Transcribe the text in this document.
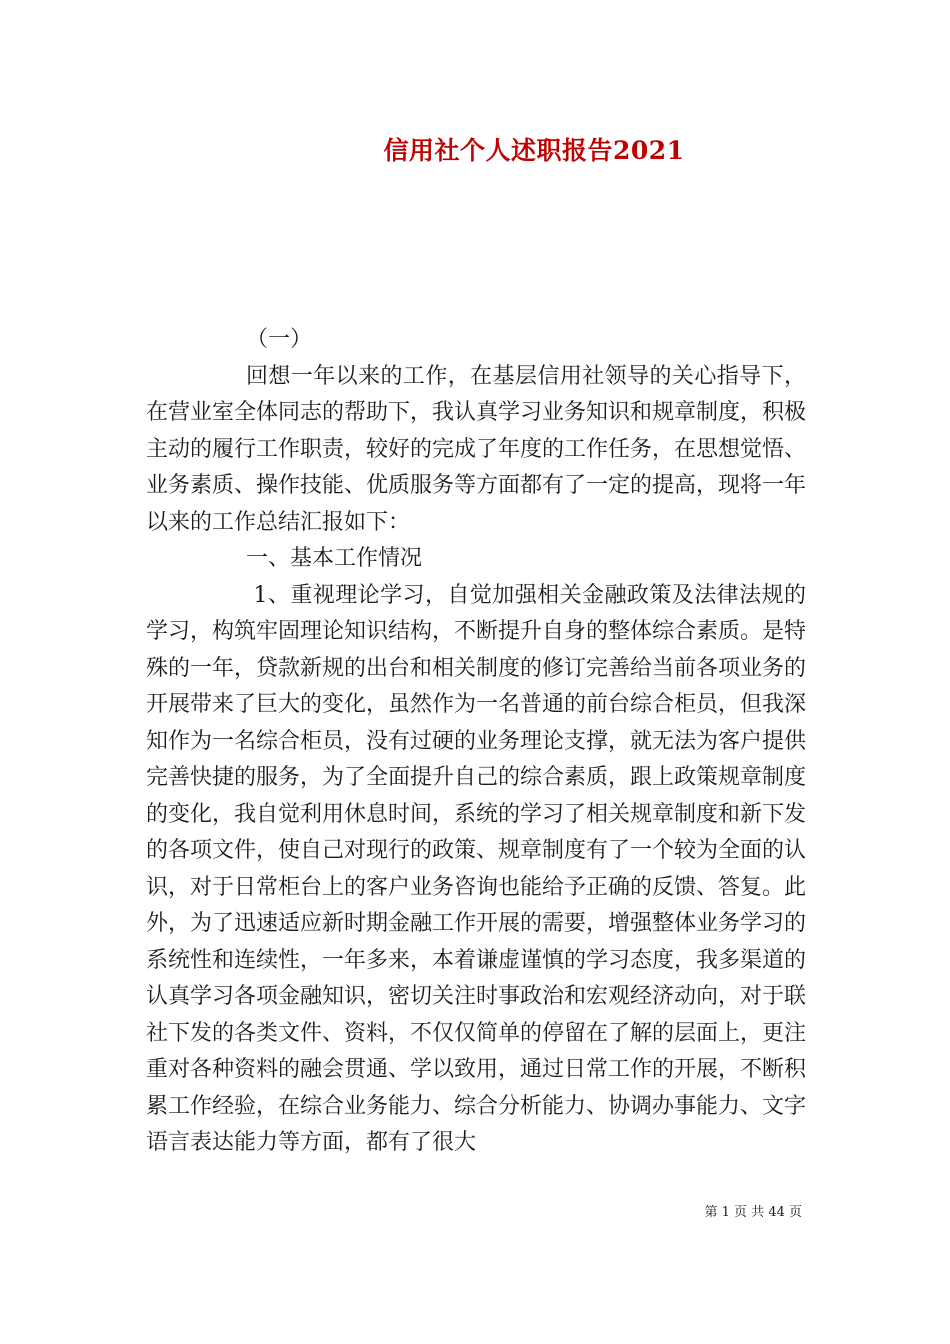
信用社个人述职报告2021

（一）

回想一年以来的工作，在基层信用社领导的关心指导下，在营业室全体同志的帮助下，我认真学习业务知识和规章制度，积极主动的履行工作职责，较好的完成了年度的工作任务，在思想觉悟、业务素质、操作技能、优质服务等方面都有了一定的提高，现将一年以来的工作总结汇报如下：

一、基本工作情况

1、重视理论学习，自觉加强相关金融政策及法律法规的学习，构筑牢固理论知识结构，不断提升自身的整体综合素质。是特殊的一年，贷款新规的出台和相关制度的修订完善给当前各项业务的开展带来了巨大的变化，虽然作为一名普通的前台综合柜员，但我深知作为一名综合柜员，没有过硬的业务理论支撑，就无法为客户提供完善快捷的服务，为了全面提升自己的综合素质，跟上政策规章制度的变化，我自觉利用休息时间，系统的学习了相关规章制度和新下发的各项文件，使自己对现行的政策、规章制度有了一个较为全面的认识，对于日常柜台上的客户业务咨询也能给予正确的反馈、答复。此外，为了迅速适应新时期金融工作开展的需要，增强整体业务学习的系统性和连续性，一年多来，本着谦虚谨慎的学习态度，我多渠道的认真学习各项金融知识，密切关注时事政治和宏观经济动向，对于联社下发的各类文件、资料，不仅仅简单的停留在了解的层面上，更注重对各种资料的融会贯通、学以致用，通过日常工作的开展，不断积累工作经验，在综合业务能力、综合分析能力、协调办事能力、文字语言表达能力等方面，都有了很大

第 1 页 共 44 页
